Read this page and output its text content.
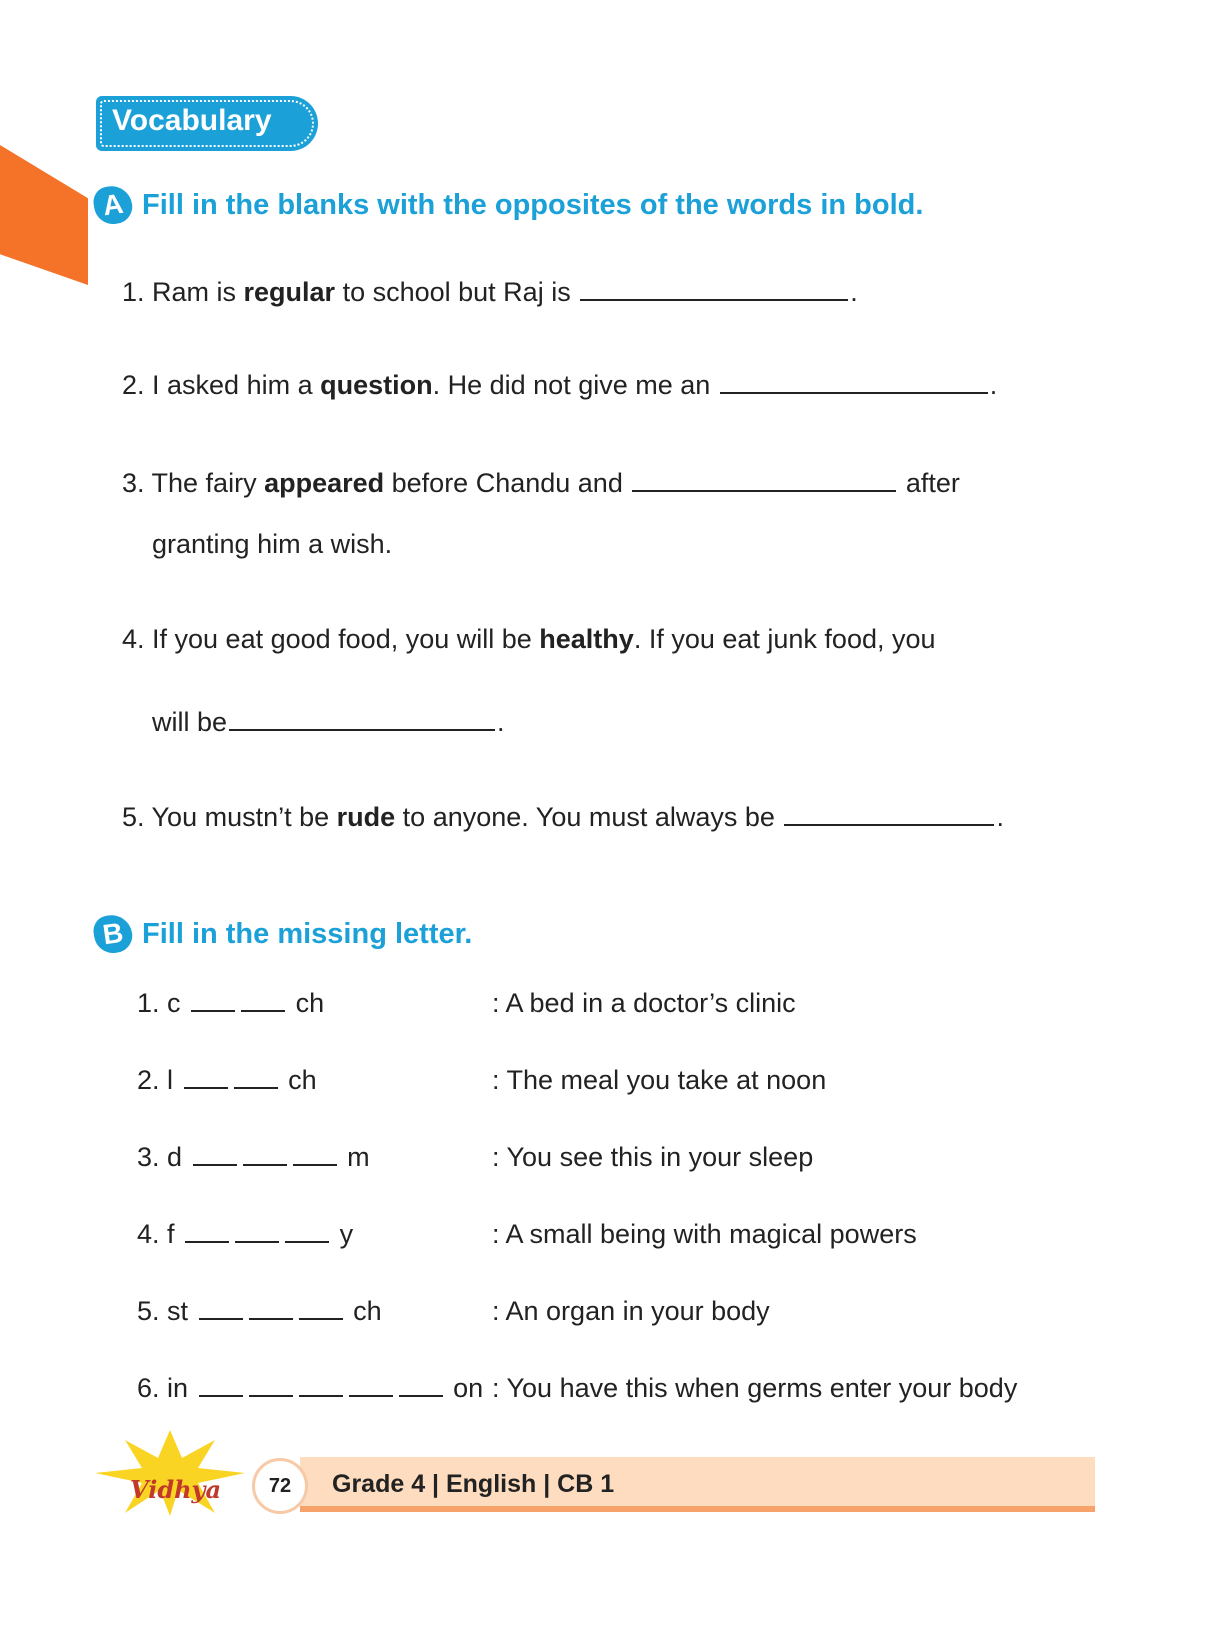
Vocabulary
A Fill in the blanks with the opposites of the words in bold.
1. Ram is regular to school but Raj is	.
2. I asked him a question. He did not give me an	.
3. The fairy appeared before Chandu and	after
granting him a wish.
4. If you eat good food, you will be healthy. If you eat junk food, you
will be	.
5. You mustn’t be rude to anyone. You must always be	.
B Fill in the missing letter.
1. c	ch	: A bed in a doctor’s clinic
2. l	ch	: The meal you take at noon
3. d	m	: You see this in your sleep
4. f	y	: A small being with magical powers
5. st	ch	: An organ in your body
6. in	on : You have this when germs enter your body
Vidhya	72	Grade 4 | English | CB 1
